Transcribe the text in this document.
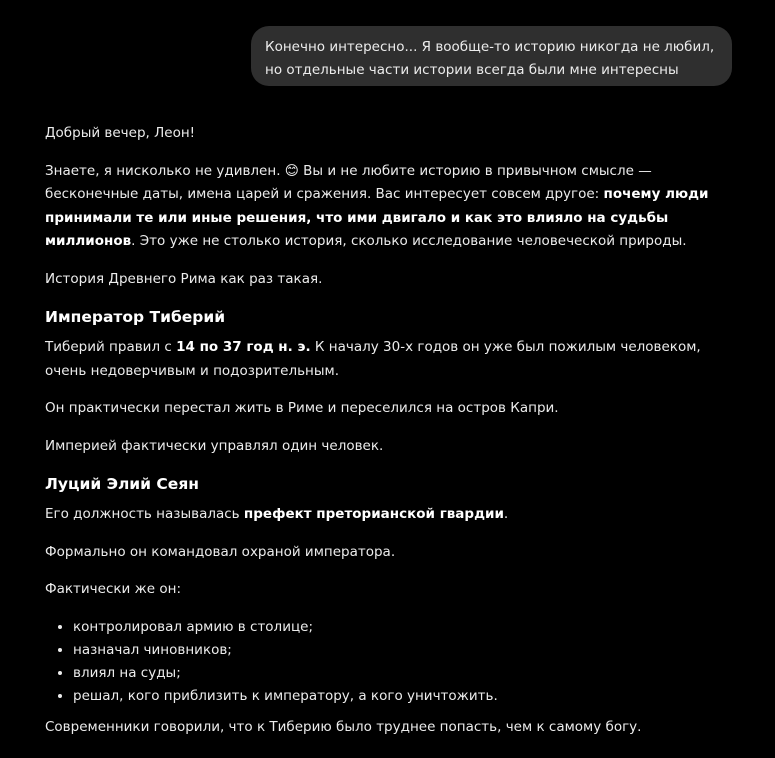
Конечно интересно... Я вообще-то историю никогда не любил, но отдельные части истории всегда были мне интересны

Добрый вечер, Леон!

Знаете, я нисколько не удивлен. 😊 Вы и не любите историю в привычном смысле — бесконечные даты, имена царей и сражения. Вас интересует совсем другое: почему люди принимали те или иные решения, что ими двигало и как это влияло на судьбы миллионов. Это уже не столько история, сколько исследование человеческой природы.

История Древнего Рима как раз такая.

Император Тиберий

Тиберий правил с 14 по 37 год н. э. К началу 30-х годов он уже был пожилым человеком, очень недоверчивым и подозрительным.

Он практически перестал жить в Риме и переселился на остров Капри.

Империей фактически управлял один человек.

Луций Элий Сеян

Его должность называлась префект преторианской гвардии.

Формально он командовал охраной императора.

Фактически же он:

• контролировал армию в столице;
• назначал чиновников;
• влиял на суды;
• решал, кого приблизить к императору, а кого уничтожить.

Современники говорили, что к Тиберию было труднее попасть, чем к самому богу.
